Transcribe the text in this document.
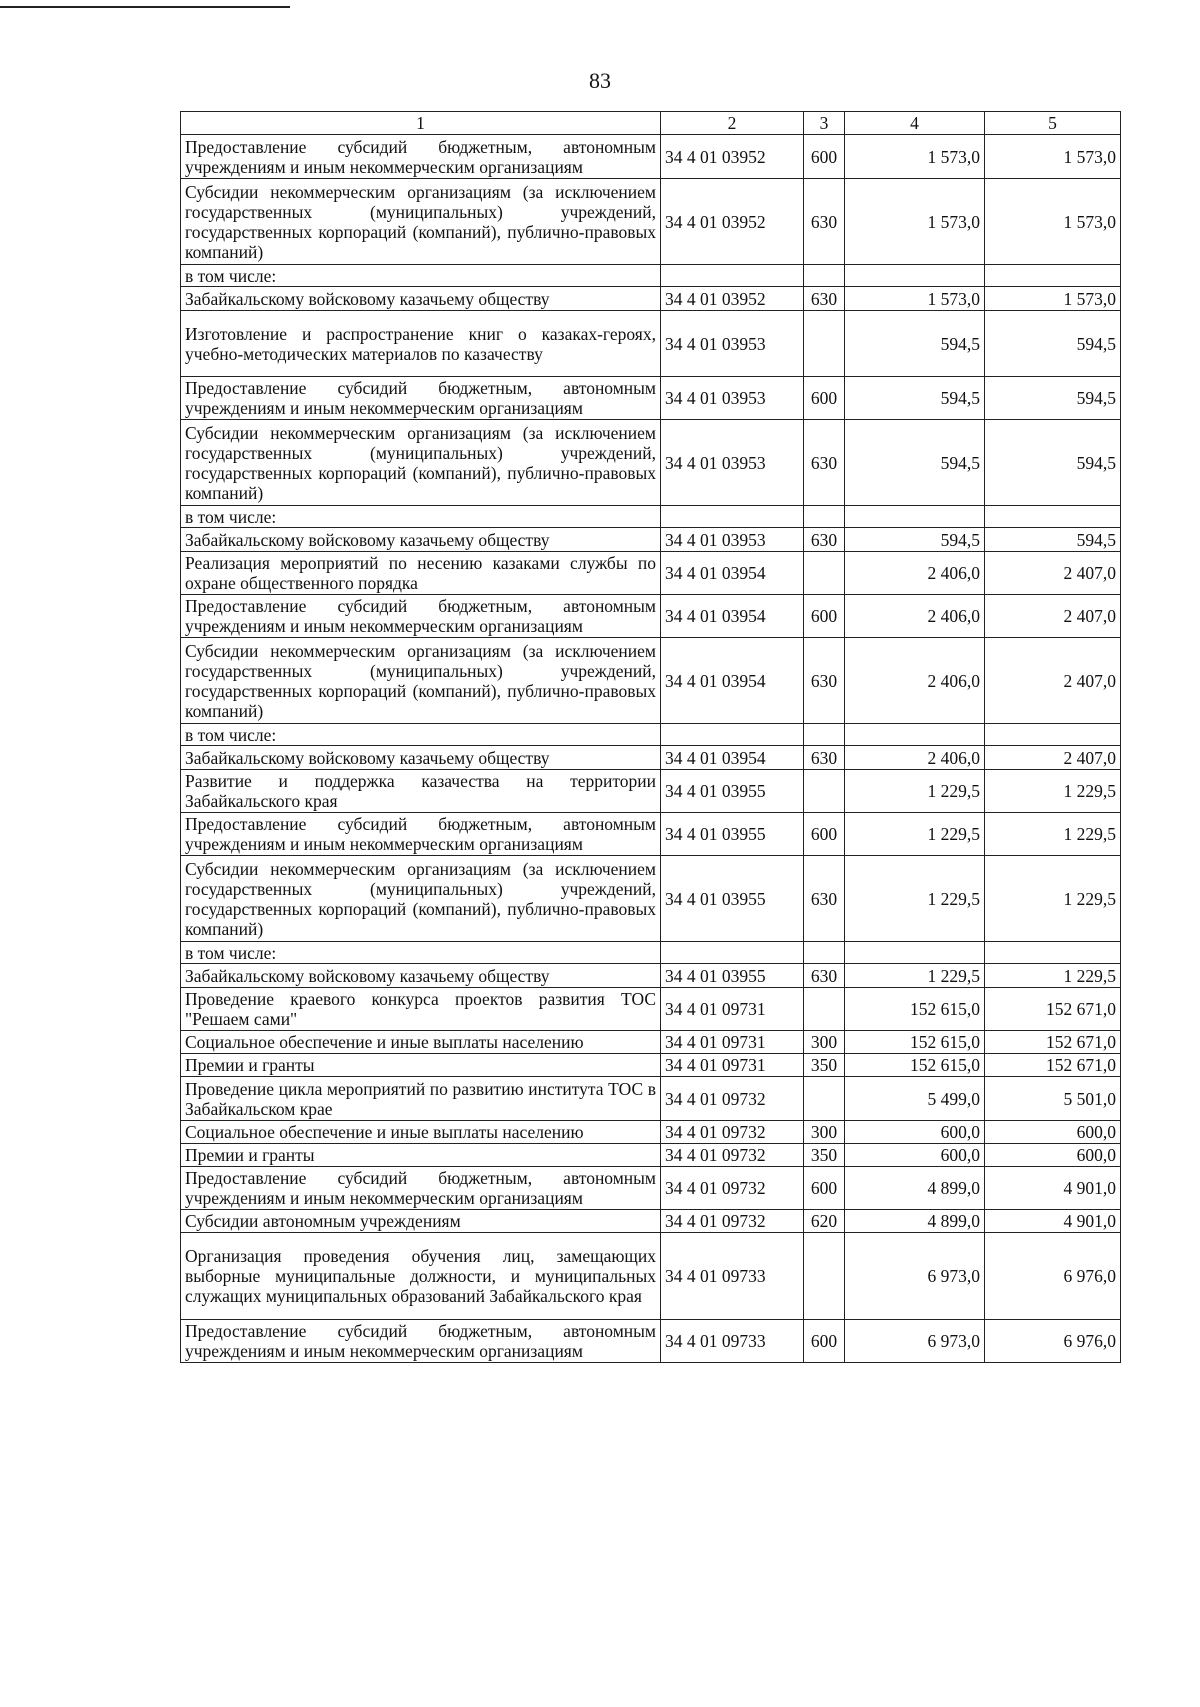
83
1	2	3	4	5
Предоставление субсидий бюджетным, автономным учреждениям и иным некоммерческим организациям	34 4 01 03952	600	1 573,0	1 573,0
Субсидии некоммерческим организациям (за исключением государственных (муниципальных) учреждений, государственных корпораций (компаний), публично-правовых компаний)	34 4 01 03952	630	1 573,0	1 573,0
в том числе:				
Забайкальскому войсковому казачьему обществу	34 4 01 03952	630	1 573,0	1 573,0
Изготовление и распространение книг о казаках-героях, учебно-методических материалов по казачеству	34 4 01 03953		594,5	594,5
Предоставление субсидий бюджетным, автономным учреждениям и иным некоммерческим организациям	34 4 01 03953	600	594,5	594,5
Субсидии некоммерческим организациям (за исключением государственных (муниципальных) учреждений, государственных корпораций (компаний), публично-правовых компаний)	34 4 01 03953	630	594,5	594,5
в том числе:				
Забайкальскому войсковому казачьему обществу	34 4 01 03953	630	594,5	594,5
Реализация мероприятий по несению казаками службы по охране общественного порядка	34 4 01 03954		2 406,0	2 407,0
Предоставление субсидий бюджетным, автономным учреждениям и иным некоммерческим организациям	34 4 01 03954	600	2 406,0	2 407,0
Субсидии некоммерческим организациям (за исключением государственных (муниципальных) учреждений, государственных корпораций (компаний), публично-правовых компаний)	34 4 01 03954	630	2 406,0	2 407,0
в том числе:				
Забайкальскому войсковому казачьему обществу	34 4 01 03954	630	2 406,0	2 407,0
Развитие и поддержка казачества на территории Забайкальского края	34 4 01 03955		1 229,5	1 229,5
Предоставление субсидий бюджетным, автономным учреждениям и иным некоммерческим организациям	34 4 01 03955	600	1 229,5	1 229,5
Субсидии некоммерческим организациям (за исключением государственных (муниципальных) учреждений, государственных корпораций (компаний), публично-правовых компаний)	34 4 01 03955	630	1 229,5	1 229,5
в том числе:				
Забайкальскому войсковому казачьему обществу	34 4 01 03955	630	1 229,5	1 229,5
Проведение краевого конкурса проектов развития ТОС "Решаем сами"	34 4 01 09731		152 615,0	152 671,0
Социальное обеспечение и иные выплаты населению	34 4 01 09731	300	152 615,0	152 671,0
Премии и гранты	34 4 01 09731	350	152 615,0	152 671,0
Проведение цикла мероприятий по развитию института ТОС в Забайкальском крае	34 4 01 09732		5 499,0	5 501,0
Социальное обеспечение и иные выплаты населению	34 4 01 09732	300	600,0	600,0
Премии и гранты	34 4 01 09732	350	600,0	600,0
Предоставление субсидий бюджетным, автономным учреждениям и иным некоммерческим организациям	34 4 01 09732	600	4 899,0	4 901,0
Субсидии автономным учреждениям	34 4 01 09732	620	4 899,0	4 901,0
Организация проведения обучения лиц, замещающих выборные муниципальные должности, и муниципальных служащих муниципальных образований Забайкальского края	34 4 01 09733		6 973,0	6 976,0
Предоставление субсидий бюджетным, автономным учреждениям и иным некоммерческим организациям	34 4 01 09733	600	6 973,0	6 976,0
